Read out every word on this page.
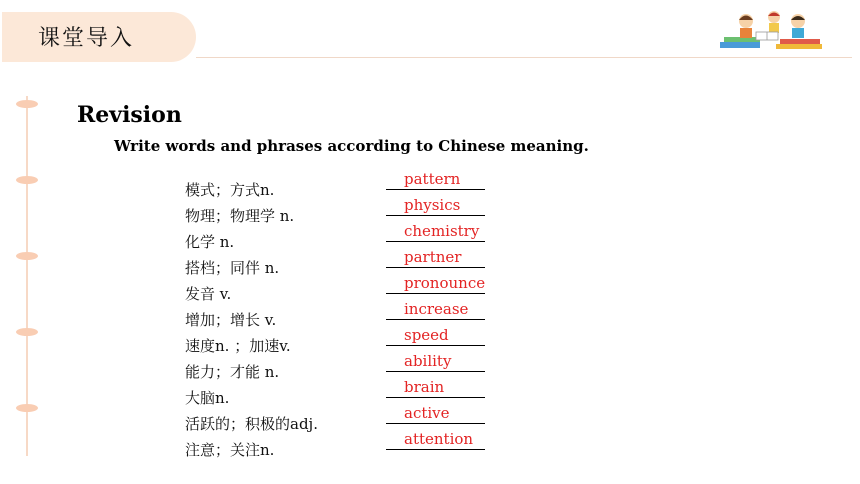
课堂导入
Revision
Write words and phrases according to Chinese meaning.
模式；方式n.
pattern
物理；物理学 n.
physics
化学 n.
chemistry
搭档；同伴 n.
partner
发音 v.
pronounce
增加；增长 v.
increase
速度n. ；加速v.
speed
能力；才能 n.
ability
大脑n.
brain
活跃的；积极的adj.
active
注意；关注n.
attention
